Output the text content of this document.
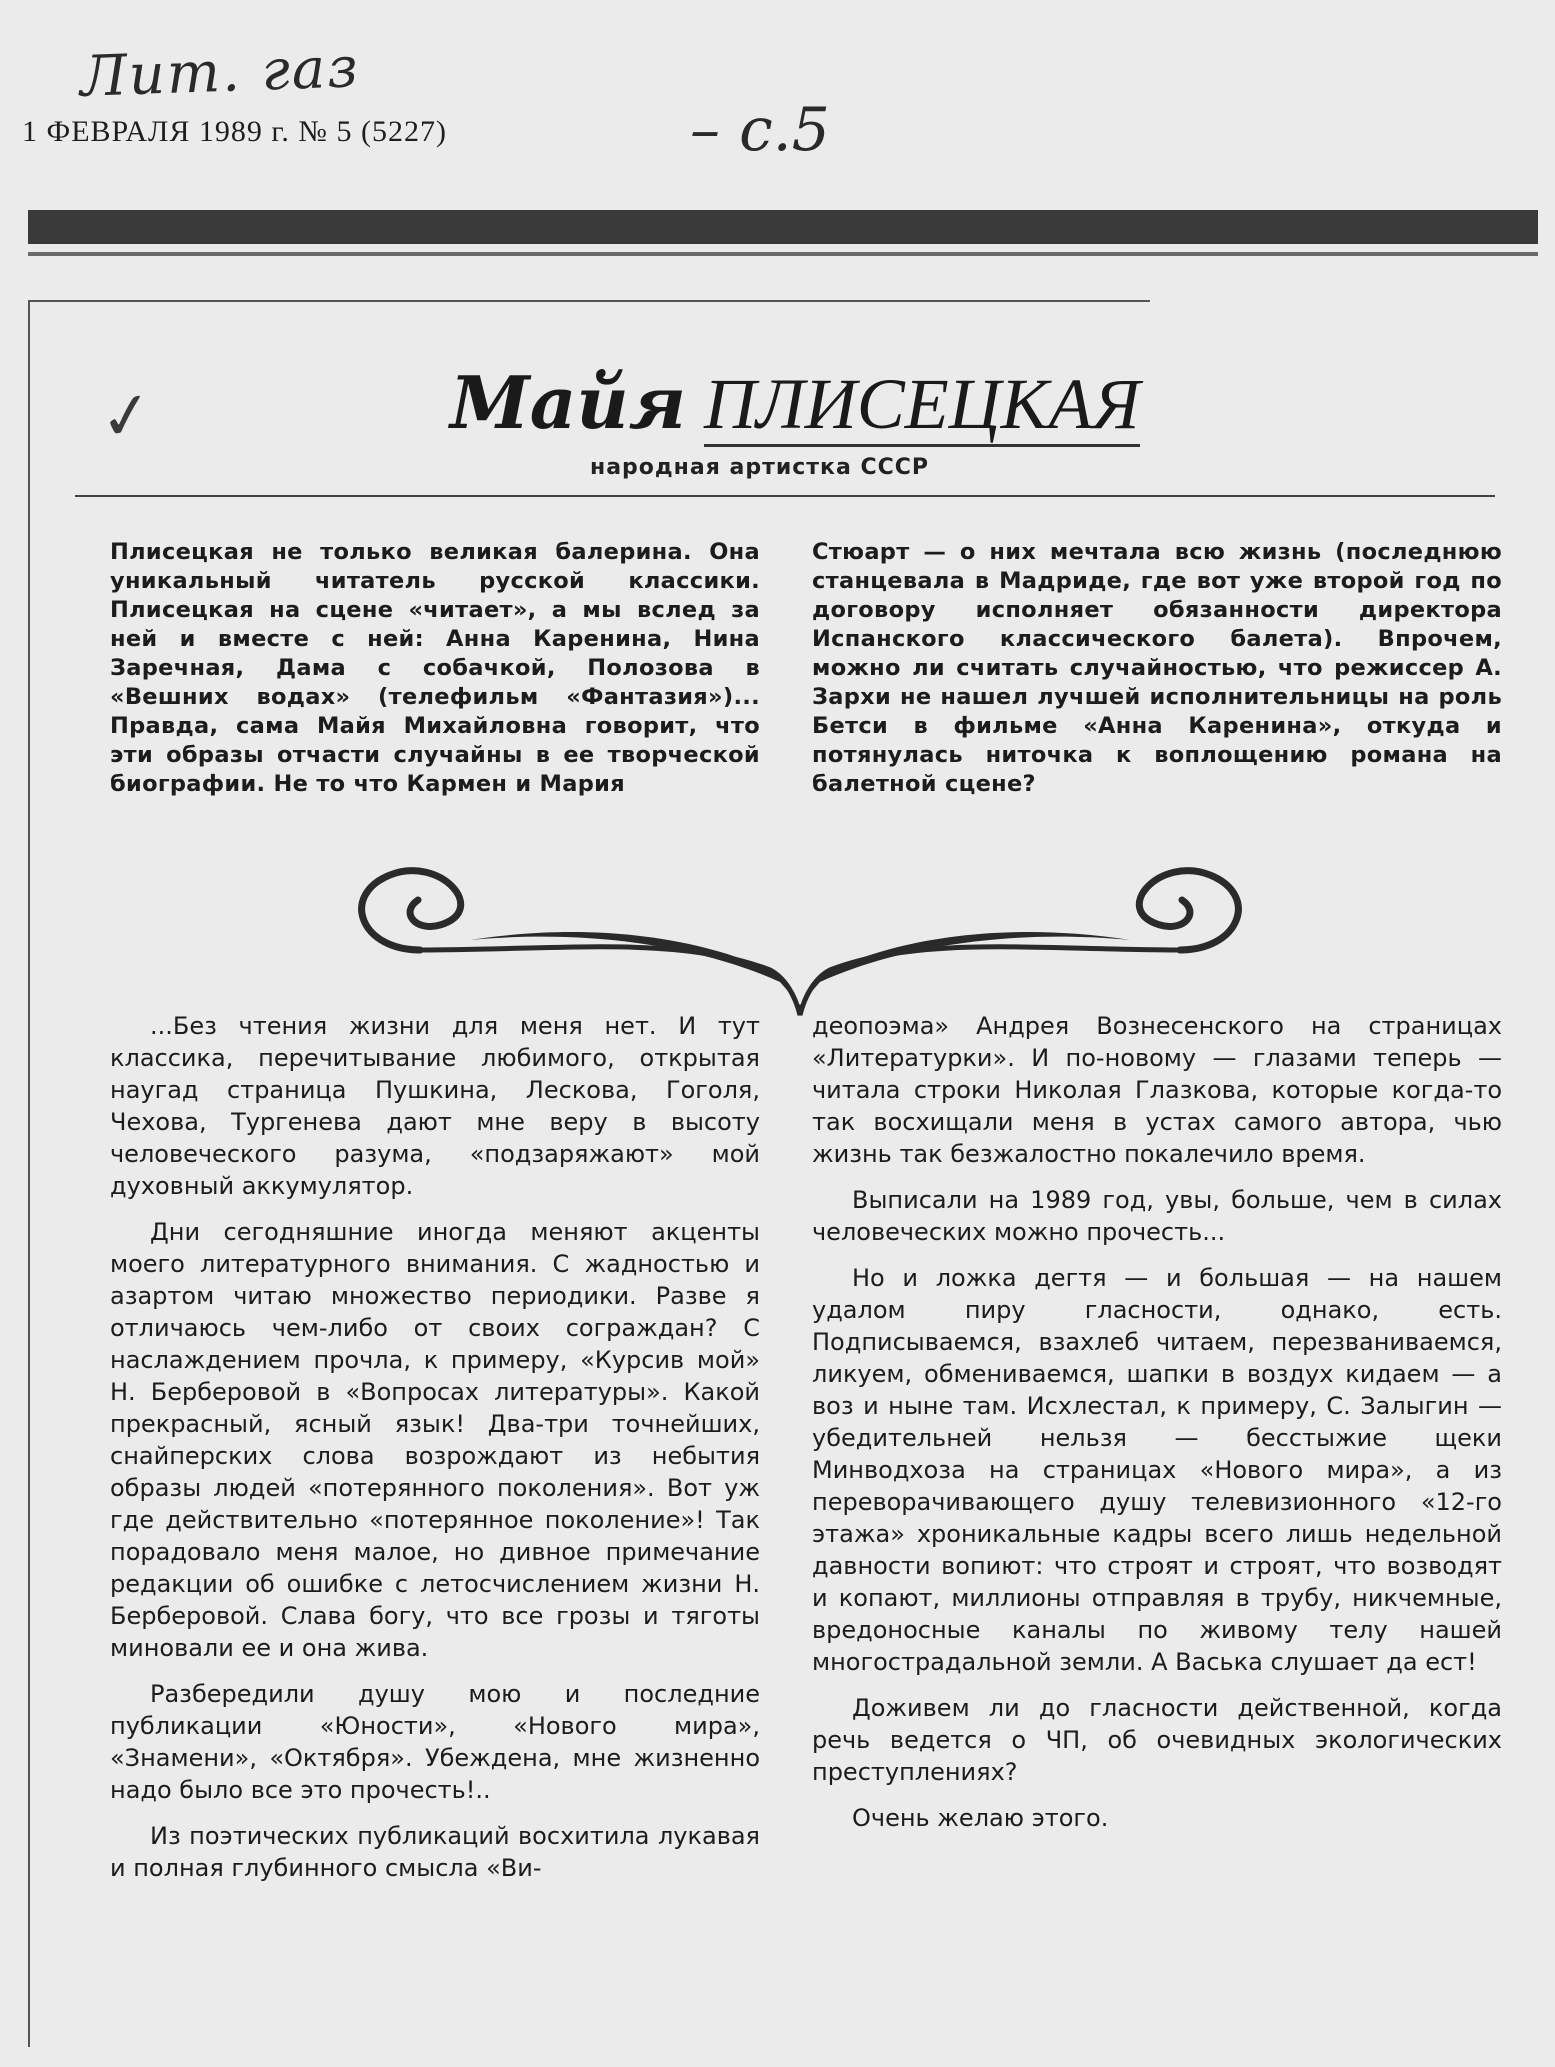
Лит. газ
– с.5
1 ФЕВРАЛЯ 1989 г. № 5 (5227)
✓	Майя ПЛИСЕЦКАЯ
народная артистка СССР
Плисецкая не только великая балерина. Она уникальный читатель русской классики. Плисецкая на сцене «читает», а мы вслед за ней и вместе с ней: Анна Каренина, Нина Заречная, Дама с собачкой, Полозова в «Вешних водах» (телефильм «Фантазия»)... Правда, сама Майя Михайловна говорит, что эти образы отчасти случайны в ее творческой биографии. Не то что Кармен и Мария
Стюарт — о них мечтала всю жизнь (последнюю станцевала в Мадриде, где вот уже второй год по договору исполняет обязанности директора Испанского классического балета). Впрочем, можно ли считать случайностью, что режиссер А. Зархи не нашел лучшей исполнительницы на роль Бетси в фильме «Анна Каренина», откуда и потянулась ниточка к воплощению романа на балетной сцене?

...Без чтения жизни для меня нет. И тут классика, перечитывание любимого, открытая наугад страница Пушкина, Лескова, Гоголя, Чехова, Тургенева дают мне веру в высоту человеческого разума, «подзаряжают» мой духовный аккумулятор.

Дни сегодняшние иногда меняют акценты моего литературного внимания. С жадностью и азартом читаю множество периодики. Разве я отличаюсь чем-либо от своих сограждан? С наслаждением прочла, к примеру, «Курсив мой» Н. Берберовой в «Вопросах литературы». Какой прекрасный, ясный язык! Два-три точнейших, снайперских слова возрождают из небытия образы людей «потерянного поколения». Вот уж где действительно «потерянное поколение»! Так порадовало меня малое, но дивное примечание редакции об ошибке с летосчислением жизни Н. Берберовой. Слава богу, что все грозы и тяготы миновали ее и она жива.

Разбередили душу мою и последние публикации «Юности», «Нового мира», «Знамени», «Октября». Убеждена, мне жизненно надо было все это прочесть!..

Из поэтических публикаций восхитила лукавая и полная глубинного смысла «Ви-

деопоэма» Андрея Вознесенского на страницах «Литературки». И по-новому — глазами теперь — читала строки Николая Глазкова, которые когда-то так восхищали меня в устах самого автора, чью жизнь так безжалостно покалечило время.

Выписали на 1989 год, увы, больше, чем в силах человеческих можно прочесть...

Но и ложка дегтя — и большая — на нашем удалом пиру гласности, однако, есть. Подписываемся, взахлеб читаем, перезваниваемся, ликуем, обмениваемся, шапки в воздух кидаем — а воз и ныне там. Исхлестал, к примеру, С. Залыгин — убедительней нельзя — бесстыжие щеки Минводхоза на страницах «Нового мира», а из переворачивающего душу телевизионного «12-го этажа» хроникальные кадры всего лишь недельной давности вопиют: что строят и строят, что возводят и копают, миллионы отправляя в трубу, никчемные, вредоносные каналы по живому телу нашей многострадальной земли. А Васька слушает да ест!

Доживем ли до гласности действенной, когда речь ведется о ЧП, об очевидных экологических преступлениях?

Очень желаю этого.
